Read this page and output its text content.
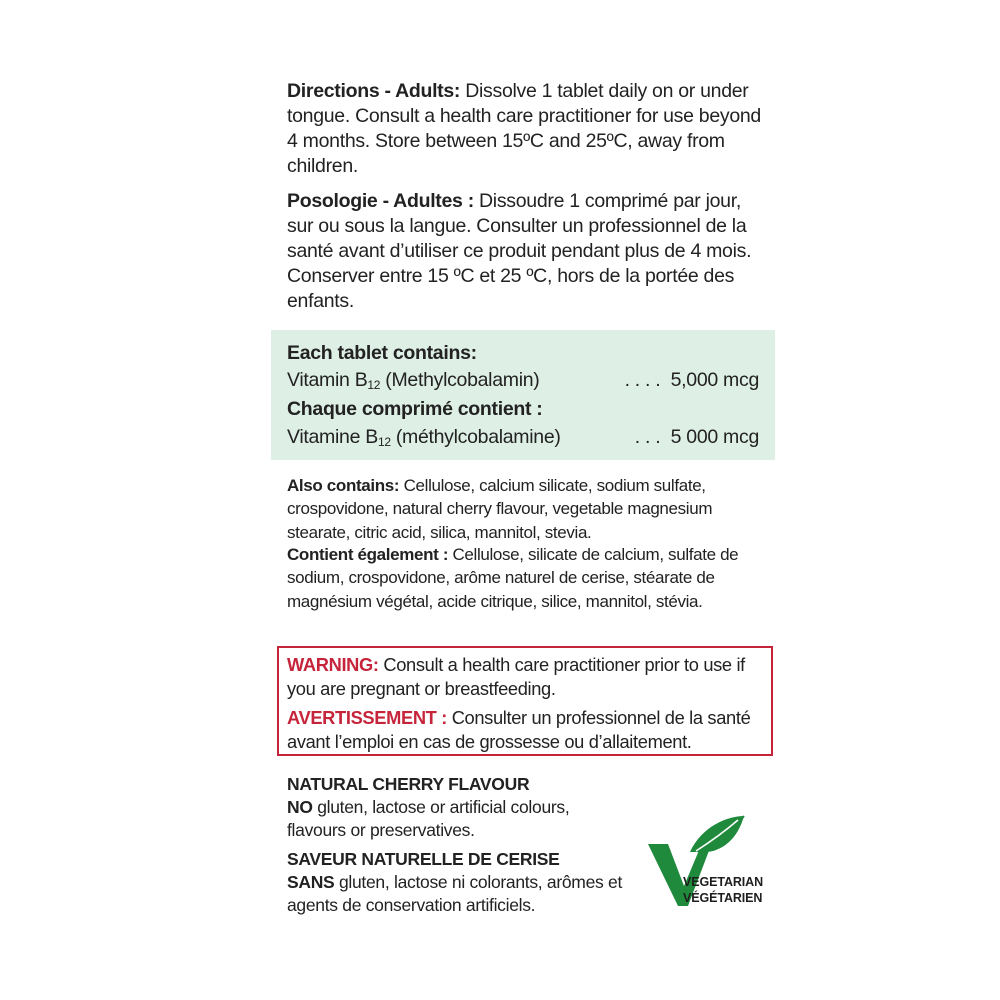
Directions - Adults: Dissolve 1 tablet daily on or under tongue. Consult a health care practitioner for use beyond 4 months. Store between 15ºC and 25ºC, away from children.
Posologie - Adultes : Dissoudre 1 comprimé par jour, sur ou sous la langue. Consulter un professionnel de la santé avant d’utiliser ce produit pendant plus de 4 mois. Conserver entre 15 ºC et 25 ºC, hors de la portée des enfants.
Each tablet contains:
Vitamin $B_{12}$ (Methylcobalamin)	. . . . 5,000 mcg
Chaque comprimé contient :
Vitamine $B_{12}$ (méthylcobalamine)	. . . 5 000 mcg
Also contains: Cellulose, calcium silicate, sodium sulfate, crospovidone, natural cherry flavour, vegetable magnesium stearate, citric acid, silica, mannitol, stevia.
Contient également : Cellulose, silicate de calcium, sulfate de sodium, crospovidone, arôme naturel de cerise, stéarate de magnésium végétal, acide citrique, silice, mannitol, stévia.
WARNING: Consult a health care practitioner prior to use if you are pregnant or breastfeeding.
AVERTISSEMENT : Consulter un professionnel de la santé avant l’emploi en cas de grossesse ou d’allaitement.
NATURAL CHERRY FLAVOUR
NO gluten, lactose or artificial colours, flavours or preservatives.
SAVEUR NATURELLE DE CERISE
SANS gluten, lactose ni colorants, arômes et agents de conservation artificiels.
VEGETARIAN
VÉGÉTARIEN
